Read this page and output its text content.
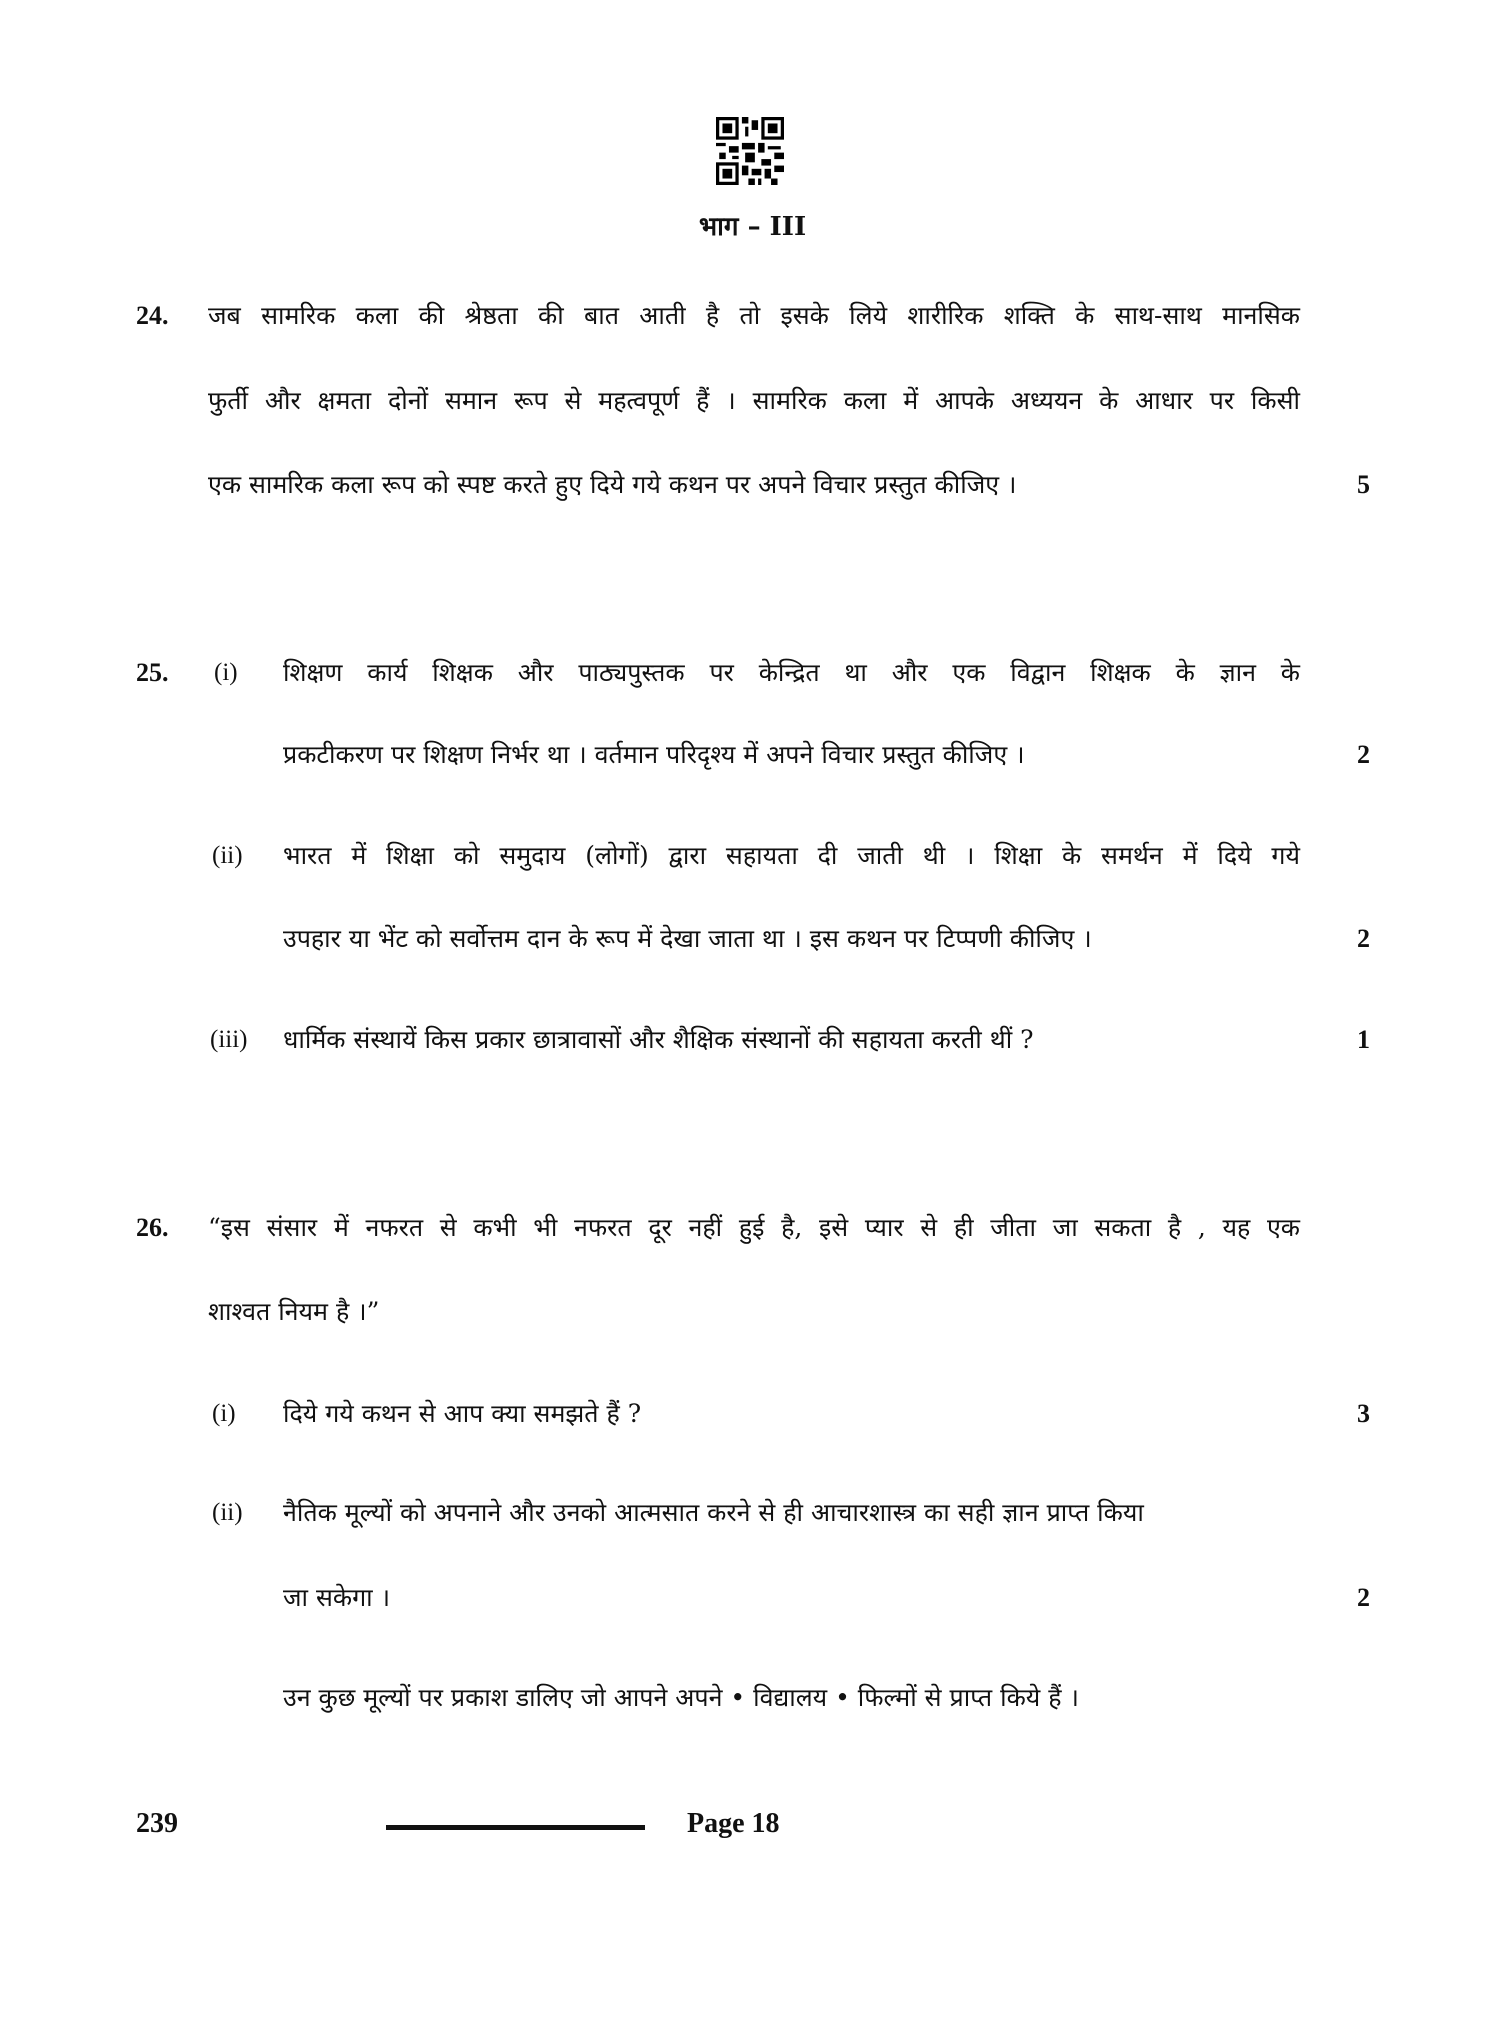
भाग – III
24. जब सामरिक कला की श्रेष्ठता की बात आती है तो इसके लिये शारीरिक शक्ति के साथ-साथ मानसिक
फुर्ती और क्षमता दोनों समान रूप से महत्वपूर्ण हैं । सामरिक कला में आपके अध्ययन के आधार पर किसी
एक सामरिक कला रूप को स्पष्ट करते हुए दिये गये कथन पर अपने विचार प्रस्तुत कीजिए ।	5
25. (i) शिक्षण कार्य शिक्षक और पाठ्यपुस्तक पर केन्द्रित था और एक विद्वान शिक्षक के ज्ञान के
प्रकटीकरण पर शिक्षण निर्भर था । वर्तमान परिदृश्य में अपने विचार प्रस्तुत कीजिए ।	2
(ii) भारत में शिक्षा को समुदाय (लोगों) द्वारा सहायता दी जाती थी । शिक्षा के समर्थन में दिये गये
उपहार या भेंट को सर्वोत्तम दान के रूप में देखा जाता था । इस कथन पर टिप्पणी कीजिए ।	2
(iii) धार्मिक संस्थायें किस प्रकार छात्रावासों और शैक्षिक संस्थानों की सहायता करती थीं ?	1
26. “इस संसार में नफरत से कभी भी नफरत दूर नहीं हुई है, इसे प्यार से ही जीता जा सकता है , यह एक
शाश्वत नियम है ।”
(i) दिये गये कथन से आप क्या समझते हैं ?	3
(ii) नैतिक मूल्यों को अपनाने और उनको आत्मसात करने से ही आचारशास्त्र का सही ज्ञान प्राप्त किया
जा सकेगा ।	2
उन कुछ मूल्यों पर प्रकाश डालिए जो आपने अपने • विद्यालय • फिल्मों से प्राप्त किये हैं ।
239	Page 18
